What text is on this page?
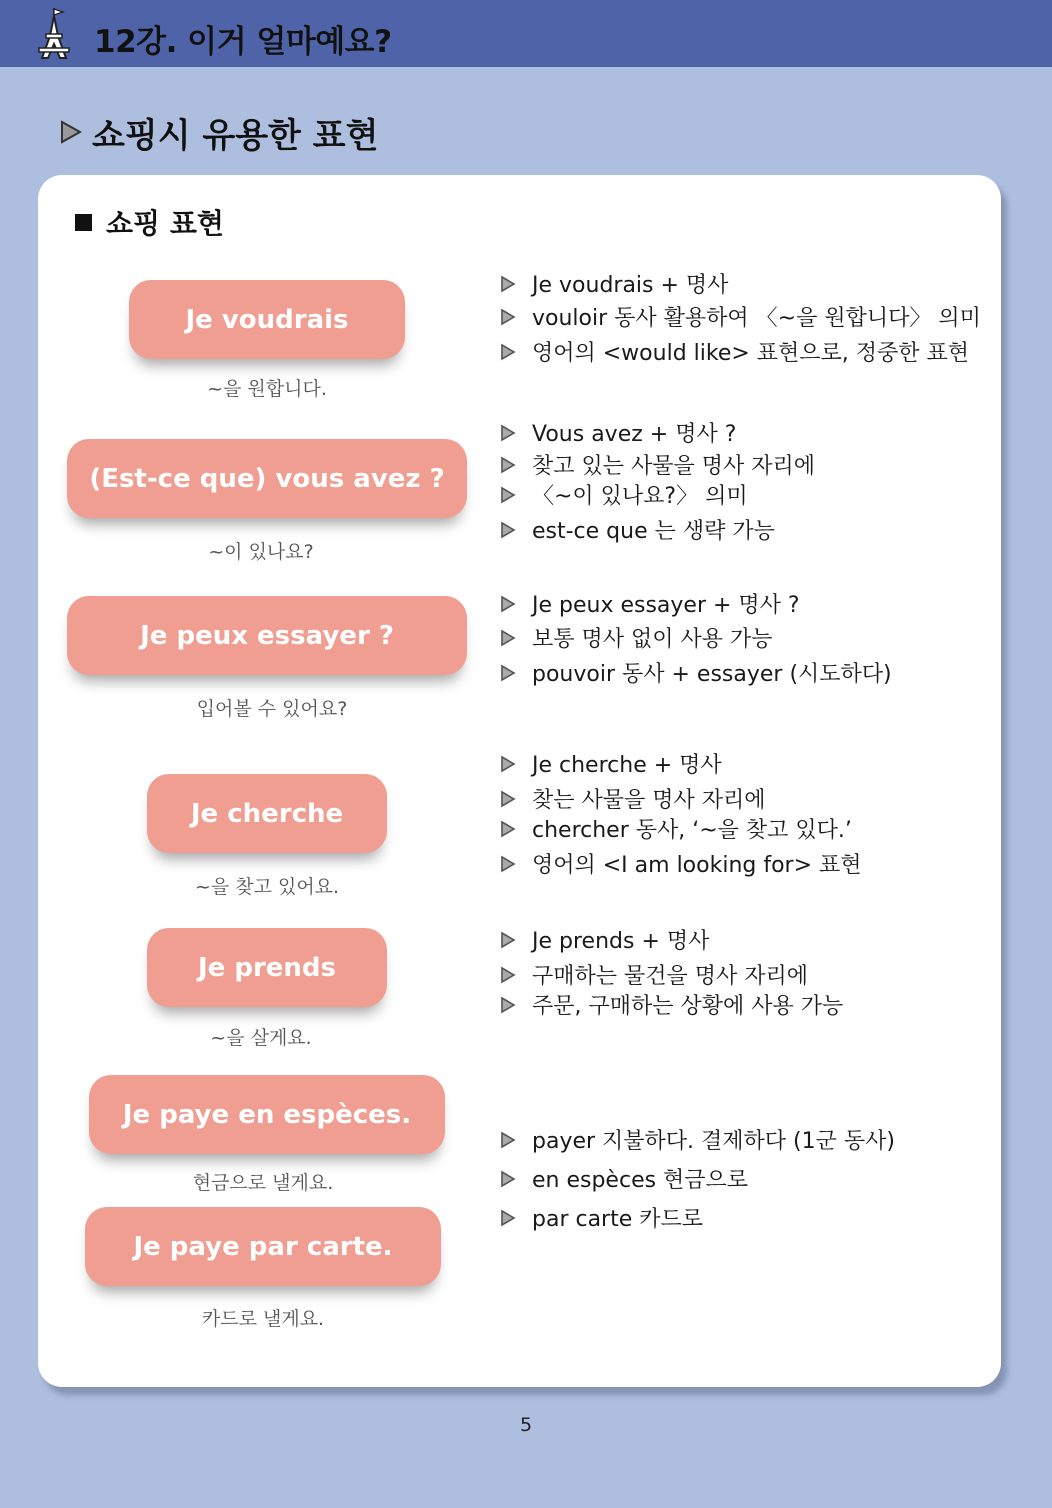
12강. 이거 얼마예요?
쇼핑시 유용한 표현
쇼핑 표현
Je voudrais
~을 원합니다.
(Est-ce que) vous avez ?
~이 있나요?
Je peux essayer ?
입어볼 수 있어요?
Je cherche
~을 찾고 있어요.
Je prends
~을 살게요.
Je paye en espèces.
현금으로 낼게요.
Je paye par carte.
카드로 낼게요.
Je voudrais + 명사
vouloir 동사 활용하여 〈~을 원합니다〉 의미
영어의 <would like> 표현으로, 정중한 표현
Vous avez + 명사 ?
찾고 있는 사물을 명사 자리에
〈~이 있나요?〉 의미
est-ce que 는 생략 가능
Je peux essayer + 명사 ?
보통 명사 없이 사용 가능
pouvoir 동사 + essayer (시도하다)
Je cherche + 명사
찾는 사물을 명사 자리에
chercher 동사, ‘~을 찾고 있다.’
영어의 <I am looking for> 표현
Je prends + 명사
구매하는 물건을 명사 자리에
주문, 구매하는 상황에 사용 가능
payer 지불하다. 결제하다 (1군 동사)
en espèces 현금으로
par carte 카드로
5
